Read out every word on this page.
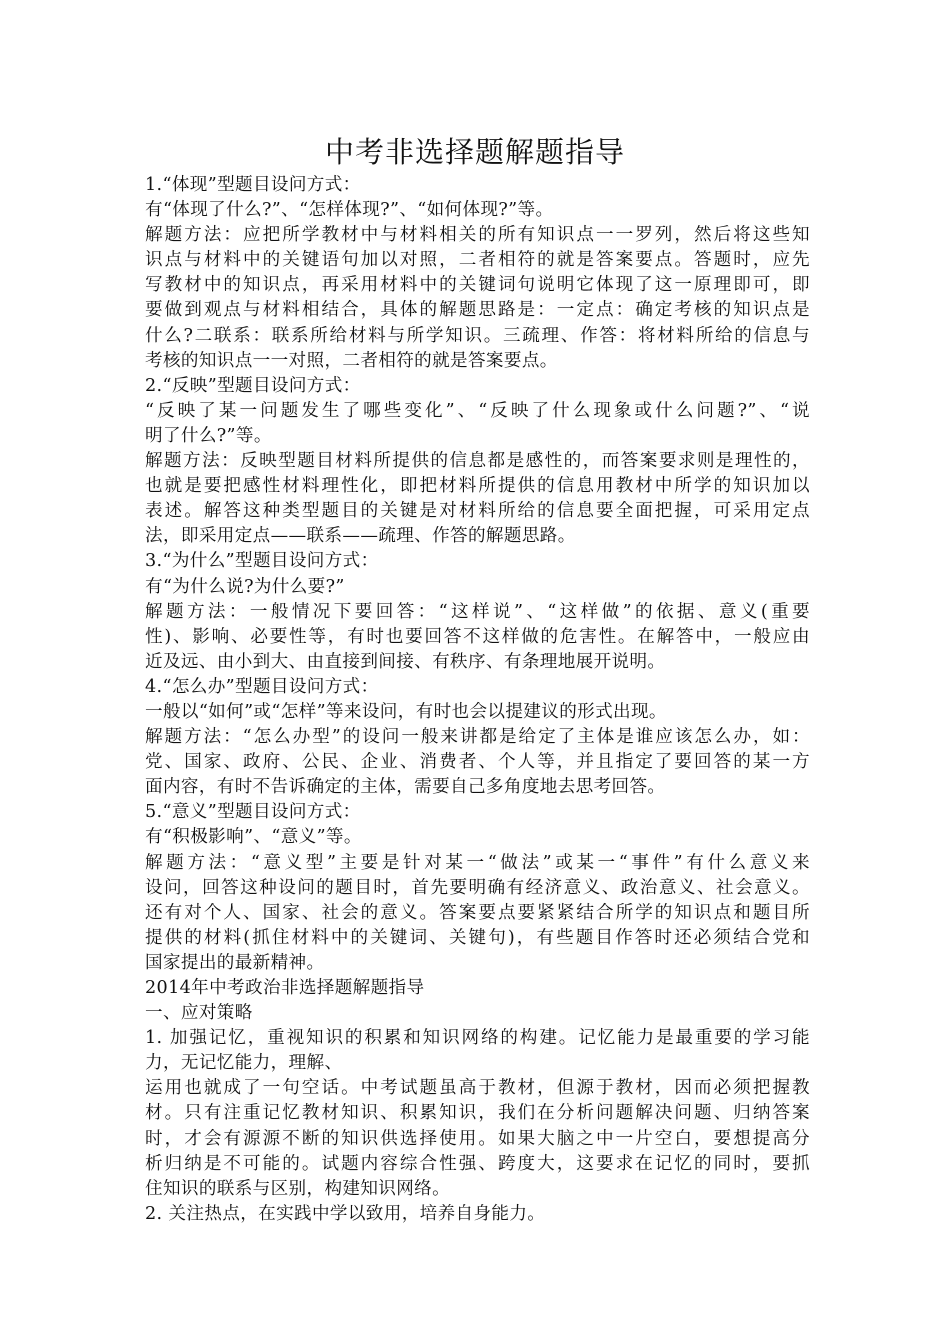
中考非选择题解题指导
1.“体现”型题目设问方式：
有“体现了什么?”、“怎样体现?”、“如何体现?”等。
解题方法：应把所学教材中与材料相关的所有知识点一一罗列，然后将这些知
识点与材料中的关键语句加以对照，二者相符的就是答案要点。答题时，应先
写教材中的知识点，再采用材料中的关键词句说明它体现了这一原理即可，即
要做到观点与材料相结合，具体的解题思路是：一定点：确定考核的知识点是
什么?二联系：联系所给材料与所学知识。三疏理、作答：将材料所给的信息与
考核的知识点一一对照，二者相符的就是答案要点。
2.“反映”型题目设问方式：
“反映了某一问题发生了哪些变化”、“反映了什么现象或什么问题?”、“说
明了什么?”等。
解题方法：反映型题目材料所提供的信息都是感性的，而答案要求则是理性的，
也就是要把感性材料理性化，即把材料所提供的信息用教材中所学的知识加以
表述。解答这种类型题目的关键是对材料所给的信息要全面把握，可采用定点
法，即采用定点——联系——疏理、作答的解题思路。
3.“为什么”型题目设问方式：
有“为什么说?为什么要?”
解题方法：一般情况下要回答：“这样说”、“这样做”的依据、意义(重要
性)、影响、必要性等，有时也要回答不这样做的危害性。在解答中，一般应由
近及远、由小到大、由直接到间接、有秩序、有条理地展开说明。
4.“怎么办”型题目设问方式：
一般以“如何”或“怎样”等来设问，有时也会以提建议的形式出现。
解题方法：“怎么办型”的设问一般来讲都是给定了主体是谁应该怎么办，如：
党、国家、政府、公民、企业、消费者、个人等，并且指定了要回答的某一方
面内容，有时不告诉确定的主体，需要自己多角度地去思考回答。
5.“意义”型题目设问方式：
有“积极影响”、“意义”等。
解题方法：“意义型”主要是针对某一“做法”或某一“事件”有什么意义来
设问，回答这种设问的题目时，首先要明确有经济意义、政治意义、社会意义。
还有对个人、国家、社会的意义。答案要点要紧紧结合所学的知识点和题目所
提供的材料(抓住材料中的关键词、关键句)，有些题目作答时还必须结合党和
国家提出的最新精神。
2014年中考政治非选择题解题指导
一、应对策略
1. 加强记忆，重视知识的积累和知识网络的构建。记忆能力是最重要的学习能
力，无记忆能力，理解、
运用也就成了一句空话。中考试题虽高于教材，但源于教材，因而必须把握教
材。只有注重记忆教材知识、积累知识，我们在分析问题解决问题、归纳答案
时，才会有源源不断的知识供选择使用。如果大脑之中一片空白，要想提高分
析归纳是不可能的。试题内容综合性强、跨度大，这要求在记忆的同时，要抓
住知识的联系与区别，构建知识网络。
2. 关注热点，在实践中学以致用，培养自身能力。
